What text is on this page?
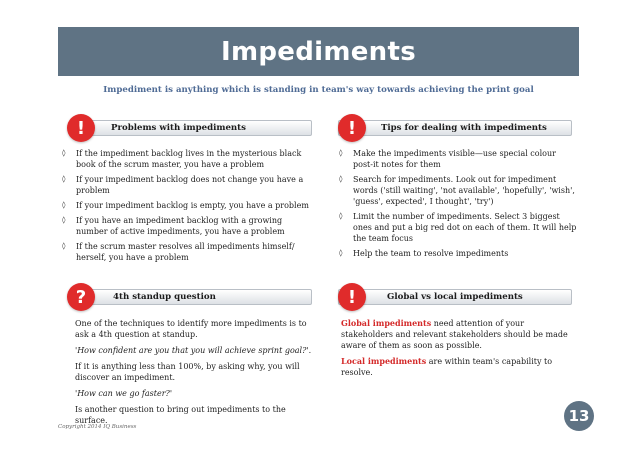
Impediments
Impediment is anything which is standing in team's way towards achieving the print goal
Problems with impediments
!
◊ If the impediment backlog lives in the mysterious black book of the scrum master, you have a problem
◊ If your impediment backlog does not change you have a problem
◊ If your impediment backlog is empty, you have a problem
◊ If you have an impediment backlog with a growing number of active impediments, you have a problem
◊ If the scrum master resolves all impediments himself/ herself, you have a problem
Tips for dealing with impediments
!
◊ Make the impediments visible—use special colour post-it notes for them
◊ Search for impediments. Look out for impediment words ('still waiting', 'not available', 'hopefully', 'wish', 'guess', expected', I thought', 'try')
◊ Limit the number of impediments. Select 3 biggest ones and put a big red dot on each of them. It will help the team focus
◊ Help the team to resolve impediments
4th standup question
?

One of the techniques to identify more impediments is to ask a 4th question at standup.

'How confident are you that you will achieve sprint goal?'.

If it is anything less than 100%, by asking why, you will discover an impediment.

'How can we go faster?'

Is another question to bring out impediments to the surface.

Global vs local impediments
!

Global impediments need attention of your stakeholders and relevant stakeholders should be made aware of them as soon as possible.

Local impediments are within team's capability to resolve.

13
Copyright 2014 IQ Business
